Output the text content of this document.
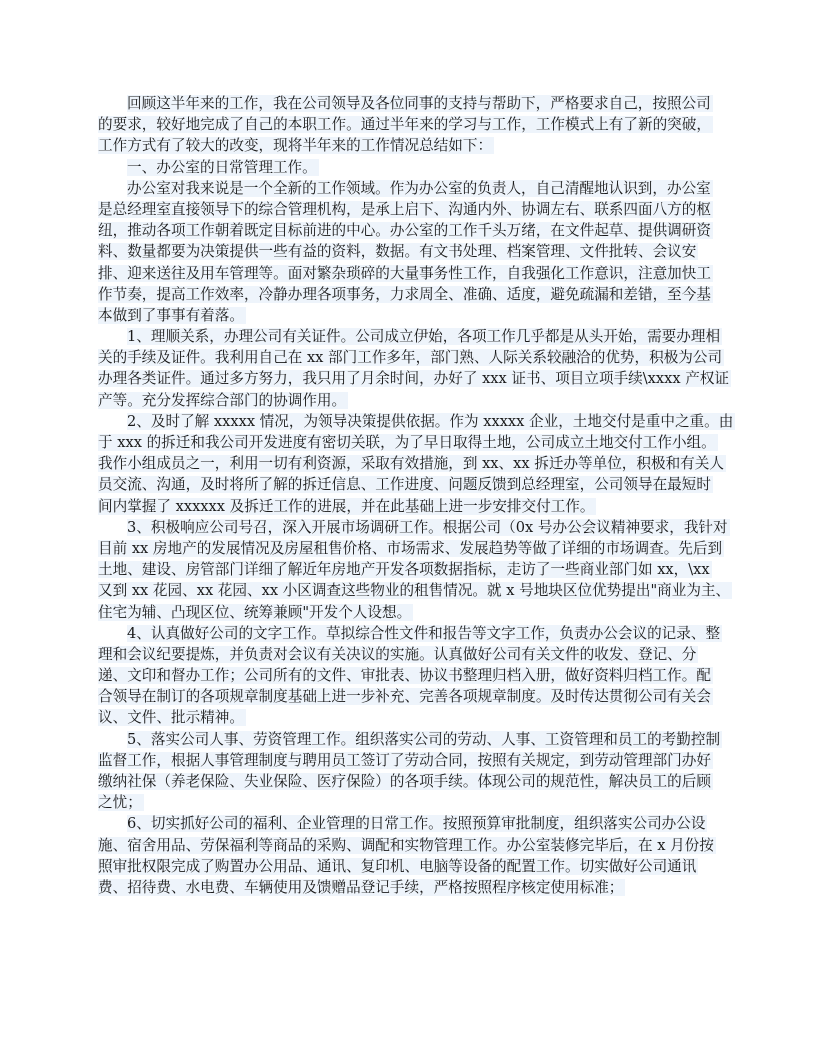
回顾这半年来的工作，我在公司领导及各位同事的支持与帮助下，严格要求自己，按照公司
的要求，较好地完成了自己的本职工作。通过半年来的学习与工作，工作模式上有了新的突破，
工作方式有了较大的改变，现将半年来的工作情况总结如下：
一、办公室的日常管理工作。
办公室对我来说是一个全新的工作领域。作为办公室的负责人，自己清醒地认识到，办公室
是总经理室直接领导下的综合管理机构，是承上启下、沟通内外、协调左右、联系四面八方的枢
纽，推动各项工作朝着既定目标前进的中心。办公室的工作千头万绪，在文件起草、提供调研资
料、数量都要为决策提供一些有益的资料，数据。有文书处理、档案管理、文件批转、会议安
排、迎来送往及用车管理等。面对繁杂琐碎的大量事务性工作，自我强化工作意识，注意加快工
作节奏，提高工作效率，冷静办理各项事务，力求周全、准确、适度，避免疏漏和差错，至今基
本做到了事事有着落。
1、理顺关系，办理公司有关证件。公司成立伊始，各项工作几乎都是从头开始，需要办理相
关的手续及证件。我利用自己在 xx 部门工作多年，部门熟、人际关系较融洽的优势，积极为公司
办理各类证件。通过多方努力，我只用了月余时间，办好了 xxx 证书、项目立项手续\xxxx 产权证
产等。充分发挥综合部门的协调作用。
2、及时了解 xxxxx 情况，为领导决策提供依据。作为 xxxxx 企业，土地交付是重中之重。由
于 xxx 的拆迁和我公司开发进度有密切关联，为了早日取得土地，公司成立土地交付工作小组。
我作小组成员之一，利用一切有利资源，采取有效措施，到 xx、xx 拆迁办等单位，积极和有关人
员交流、沟通，及时将所了解的拆迁信息、工作进度、问题反馈到总经理室，公司领导在最短时
间内掌握了 xxxxxx 及拆迁工作的进展，并在此基础上进一步安排交付工作。
3、积极响应公司号召，深入开展市场调研工作。根据公司（0x 号办公会议精神要求，我针对
目前 xx 房地产的发展情况及房屋租售价格、市场需求、发展趋势等做了详细的市场调查。先后到
土地、建设、房管部门详细了解近年房地产开发各项数据指标，走访了一些商业部门如 xx，\xx
又到 xx 花园、xx 花园、xx 小区调查这些物业的租售情况。就 x 号地块区位优势提出"商业为主、
住宅为辅、凸现区位、统筹兼顾"开发个人设想。
4、认真做好公司的文字工作。草拟综合性文件和报告等文字工作，负责办公会议的记录、整
理和会议纪要提炼，并负责对会议有关决议的实施。认真做好公司有关文件的收发、登记、分
递、文印和督办工作；公司所有的文件、审批表、协议书整理归档入册，做好资料归档工作。配
合领导在制订的各项规章制度基础上进一步补充、完善各项规章制度。及时传达贯彻公司有关会
议、文件、批示精神。
5、落实公司人事、劳资管理工作。组织落实公司的劳动、人事、工资管理和员工的考勤控制
监督工作，根据人事管理制度与聘用员工签订了劳动合同，按照有关规定，到劳动管理部门办好
缴纳社保（养老保险、失业保险、医疗保险）的各项手续。体现公司的规范性，解决员工的后顾
之忧；
6、切实抓好公司的福利、企业管理的日常工作。按照预算审批制度，组织落实公司办公设
施、宿舍用品、劳保福利等商品的采购、调配和实物管理工作。办公室装修完毕后，在 x 月份按
照审批权限完成了购置办公用品、通讯、复印机、电脑等设备的配置工作。切实做好公司通讯
费、招待费、水电费、车辆使用及馈赠品登记手续，严格按照程序核定使用标准；
